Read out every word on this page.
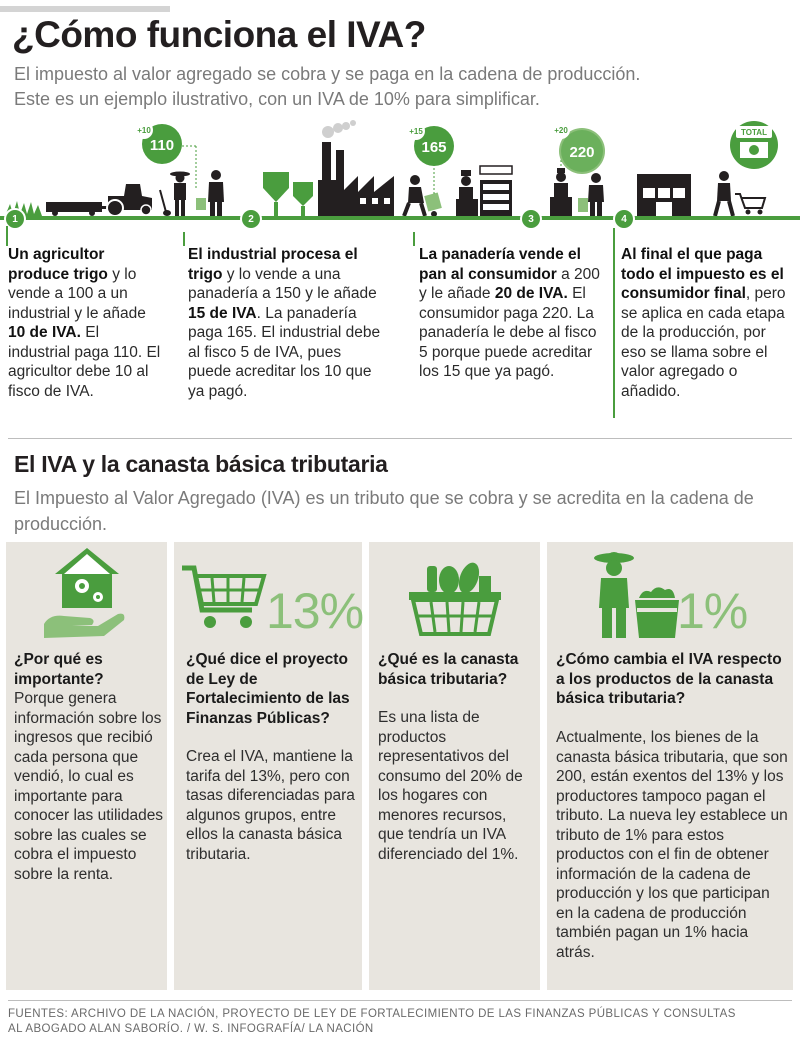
¿Cómo funciona el IVA?

El impuesto al valor agregado se cobra y se paga en la cadena de producción.

Este es un ejemplo ilustrativo, con un IVA de 10% para simplificar.

+10
110
+15
165
+20
220
TOTAL
1	2	3	4
Un agricultor produce trigo y lo vende a 100 a un industrial y le añade 10 de IVA. El industrial paga 110. El agricultor debe 10 al fisco de IVA.
El industrial procesa el trigo y lo vende a una panadería a 150 y le añade 15 de IVA. La panadería paga 165. El industrial debe al fisco 5 de IVA, pues puede acreditar los 10 que ya pagó.
La panadería vende el pan al consumidor a 200 y le añade 20 de IVA. El consumidor paga 220. La panadería le debe al fisco 5 porque puede acreditar los 15 que ya pagó.
Al final el que paga todo el impuesto es el consumidor final, pero se aplica en cada etapa de la producción, por eso se llama sobre el valor agregado o añadido.
El IVA y la canasta básica tributaria

El Impuesto al Valor Agregado (IVA) es un tributo que se cobra y se acredita en la cadena de producción.

¿Por qué es importante?

Porque genera información sobre los ingresos que recibió cada persona que vendió, lo cual es importante para conocer las utilidades sobre las cuales se cobra el impuesto sobre la renta.

13%
¿Qué dice el proyecto de Ley de Fortalecimiento de las Finanzas Públicas?

Crea el IVA, mantiene la tarifa del 13%, pero con tasas diferenciadas para algunos grupos, entre ellos la canasta básica tributaria.

¿Qué es la canasta básica tributaria?

Es una lista de productos representativos del consumo del 20% de los hogares con menores recursos, que tendría un IVA diferenciado del 1%.

1%
¿Cómo cambia el IVA respecto a los productos de la canasta básica tributaria?

Actualmente, los bienes de la canasta básica tributaria, que son 200, están exentos del 13% y los productores tampoco pagan el tributo. La nueva ley establece un tributo de 1% para estos productos con el fin de obtener información de la cadena de producción y los que participan en la cadena de producción también pagan un 1% hacia atrás.

FUENTES: ARCHIVO DE LA NACIÓN, PROYECTO DE LEY DE FORTALECIMIENTO DE LAS FINANZAS PÚBLICAS Y CONSULTAS
AL ABOGADO ALAN SABORÍO. / W. S. INFOGRAFÍA/ LA NACIÓN
